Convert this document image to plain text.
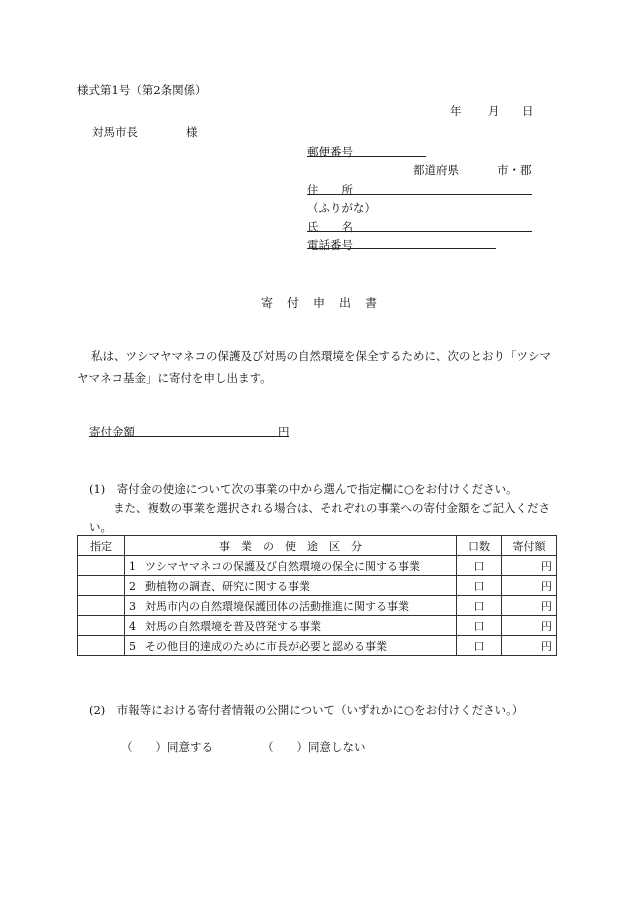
様式第1号（第2条関係）
年 月 日
対馬市長	様
郵便番号
都道府県	市・郡
住　　所
（ふりがな）
氏　　名
電話番号
寄　付　申　出　書
私は、ツシマヤマネコの保護及び対馬の自然環境を保全するために、次のとおり「ツシマヤマネコ基金」に寄付を申し出ます。
寄付金額	円
(1)　寄付金の使途について次の事業の中から選んで指定欄に○をお付けください。
また、複数の事業を選択される場合は、それぞれの事業への寄付金額をご記入ください。
指定	事　業　の　使　途　区　分	口数	寄付額
	1 ツシマヤマネコの保護及び自然環境の保全に関する事業	口	円
	2 動植物の調査、研究に関する事業	口	円
	3 対馬市内の自然環境保護団体の活動推進に関する事業	口	円
	4 対馬の自然環境を普及啓発する事業	口	円
	5 その他目的達成のために市長が必要と認める事業	口	円
(2)　市報等における寄付者情報の公開について（いずれかに○をお付けください。）
（　　）同意する	（　　）同意しない
